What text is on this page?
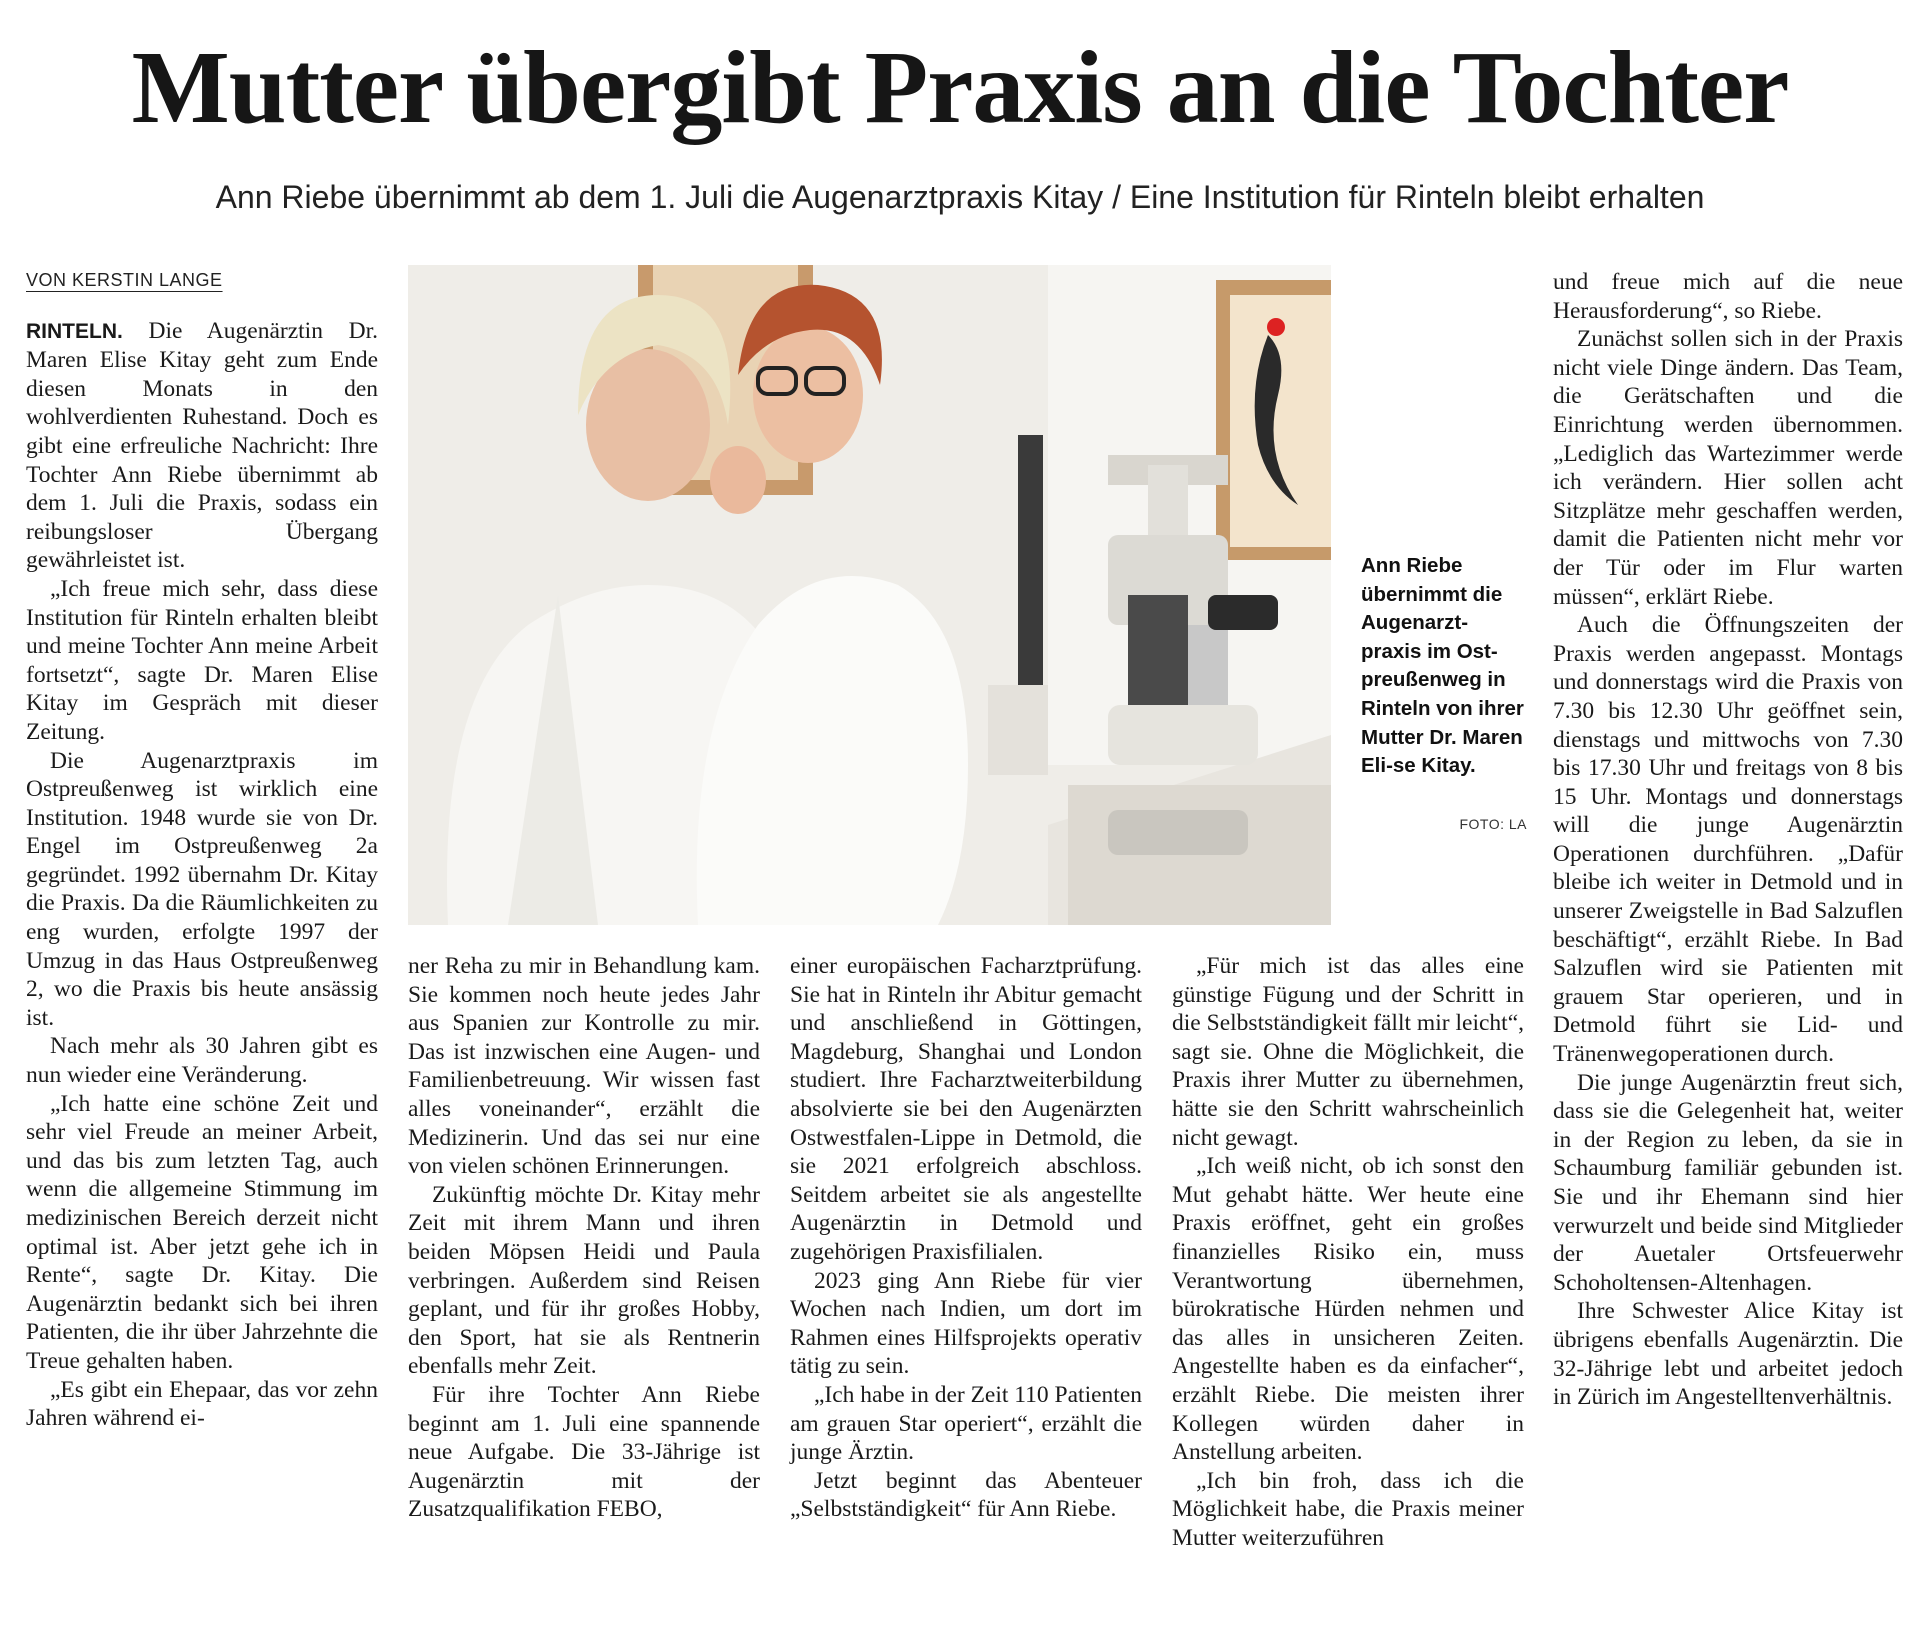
Mutter übergibt Praxis an die Tochter
Ann Riebe übernimmt ab dem 1. Juli die Augenarztpraxis Kitay / Eine Institution für Rinteln bleibt erhalten
VON KERSTIN LANGE

RINTELN. Die Augenärztin Dr. Maren Elise Kitay geht zum Ende diesen Monats in den wohlverdienten Ruhestand. Doch es gibt eine erfreuliche Nachricht: Ihre Tochter Ann Riebe übernimmt ab dem 1. Juli die Praxis, sodass ein reibungsloser Übergang gewährleistet ist.

„Ich freue mich sehr, dass diese Institution für Rinteln erhalten bleibt und meine Tochter Ann meine Arbeit fortsetzt“, sagte Dr. Maren Elise Kitay im Gespräch mit dieser Zeitung.

Die Augenarztpraxis im Ostpreußenweg ist wirklich eine Institution. 1948 wurde sie von Dr. Engel im Ostpreußenweg 2a gegründet. 1992 übernahm Dr. Kitay die Praxis. Da die Räumlichkeiten zu eng wurden, erfolgte 1997 der Umzug in das Haus Ostpreußenweg 2, wo die Praxis bis heute ansässig ist.

Nach mehr als 30 Jahren gibt es nun wieder eine Veränderung.

„Ich hatte eine schöne Zeit und sehr viel Freude an meiner Arbeit, und das bis zum letzten Tag, auch wenn die allgemeine Stimmung im medizinischen Bereich derzeit nicht optimal ist. Aber jetzt gehe ich in Rente“, sagte Dr. Kitay. Die Augenärztin bedankt sich bei ihren Patienten, die ihr über Jahrzehnte die Treue gehalten haben.

„Es gibt ein Ehepaar, das vor zehn Jahren während ei-

Ann Riebe übernimmt die Augenarzt-praxis im Ost-preußenweg in Rinteln von ihrer Mutter Dr. Maren Eli-se Kitay.
FOTO: LA

ner Reha zu mir in Behandlung kam. Sie kommen noch heute jedes Jahr aus Spanien zur Kontrolle zu mir. Das ist inzwischen eine Augen- und Familienbetreuung. Wir wissen fast alles voneinander“, erzählt die Medizinerin. Und das sei nur eine von vielen schönen Erinnerungen.

Zukünftig möchte Dr. Kitay mehr Zeit mit ihrem Mann und ihren beiden Möpsen Heidi und Paula verbringen. Außerdem sind Reisen geplant, und für ihr großes Hobby, den Sport, hat sie als Rentnerin ebenfalls mehr Zeit.

Für ihre Tochter Ann Riebe beginnt am 1. Juli eine spannende neue Aufgabe. Die 33-Jährige ist Augenärztin mit der Zusatzqualifikation FEBO,

einer europäischen Facharztprüfung. Sie hat in Rinteln ihr Abitur gemacht und anschließend in Göttingen, Magdeburg, Shanghai und London studiert. Ihre Facharztweiterbildung absolvierte sie bei den Augenärzten Ostwestfalen-Lippe in Detmold, die sie 2021 erfolgreich abschloss. Seitdem arbeitet sie als angestellte Augenärztin in Detmold und zugehörigen Praxisfilialen.

2023 ging Ann Riebe für vier Wochen nach Indien, um dort im Rahmen eines Hilfsprojekts operativ tätig zu sein.

„Ich habe in der Zeit 110 Patienten am grauen Star operiert“, erzählt die junge Ärztin.

Jetzt beginnt das Abenteuer „Selbstständigkeit“ für Ann Riebe.

„Für mich ist das alles eine günstige Fügung und der Schritt in die Selbstständigkeit fällt mir leicht“, sagt sie. Ohne die Möglichkeit, die Praxis ihrer Mutter zu übernehmen, hätte sie den Schritt wahrscheinlich nicht gewagt.

„Ich weiß nicht, ob ich sonst den Mut gehabt hätte. Wer heute eine Praxis eröffnet, geht ein großes finanzielles Risiko ein, muss Verantwortung übernehmen, bürokratische Hürden nehmen und das alles in unsicheren Zeiten. Angestellte haben es da einfacher“, erzählt Riebe. Die meisten ihrer Kollegen würden daher in Anstellung arbeiten.

„Ich bin froh, dass ich die Möglichkeit habe, die Praxis meiner Mutter weiterzuführen

und freue mich auf die neue Herausforderung“, so Riebe.

Zunächst sollen sich in der Praxis nicht viele Dinge ändern. Das Team, die Gerätschaften und die Einrichtung werden übernommen. „Lediglich das Wartezimmer werde ich verändern. Hier sollen acht Sitzplätze mehr geschaffen werden, damit die Patienten nicht mehr vor der Tür oder im Flur warten müssen“, erklärt Riebe.

Auch die Öffnungszeiten der Praxis werden angepasst. Montags und donnerstags wird die Praxis von 7.30 bis 12.30 Uhr geöffnet sein, dienstags und mittwochs von 7.30 bis 17.30 Uhr und freitags von 8 bis 15 Uhr. Montags und donnerstags will die junge Augenärztin Operationen durchführen. „Dafür bleibe ich weiter in Detmold und in unserer Zweigstelle in Bad Salzuflen beschäftigt“, erzählt Riebe. In Bad Salzuflen wird sie Patienten mit grauem Star operieren, und in Detmold führt sie Lid- und Tränenwegoperationen durch.

Die junge Augenärztin freut sich, dass sie die Gelegenheit hat, weiter in der Region zu leben, da sie in Schaumburg familiär gebunden ist. Sie und ihr Ehemann sind hier verwurzelt und beide sind Mitglieder der Auetaler Ortsfeuerwehr Schoholtensen-Altenhagen.

Ihre Schwester Alice Kitay ist übrigens ebenfalls Augenärztin. Die 32-Jährige lebt und arbeitet jedoch in Zürich im Angestelltenverhältnis.
